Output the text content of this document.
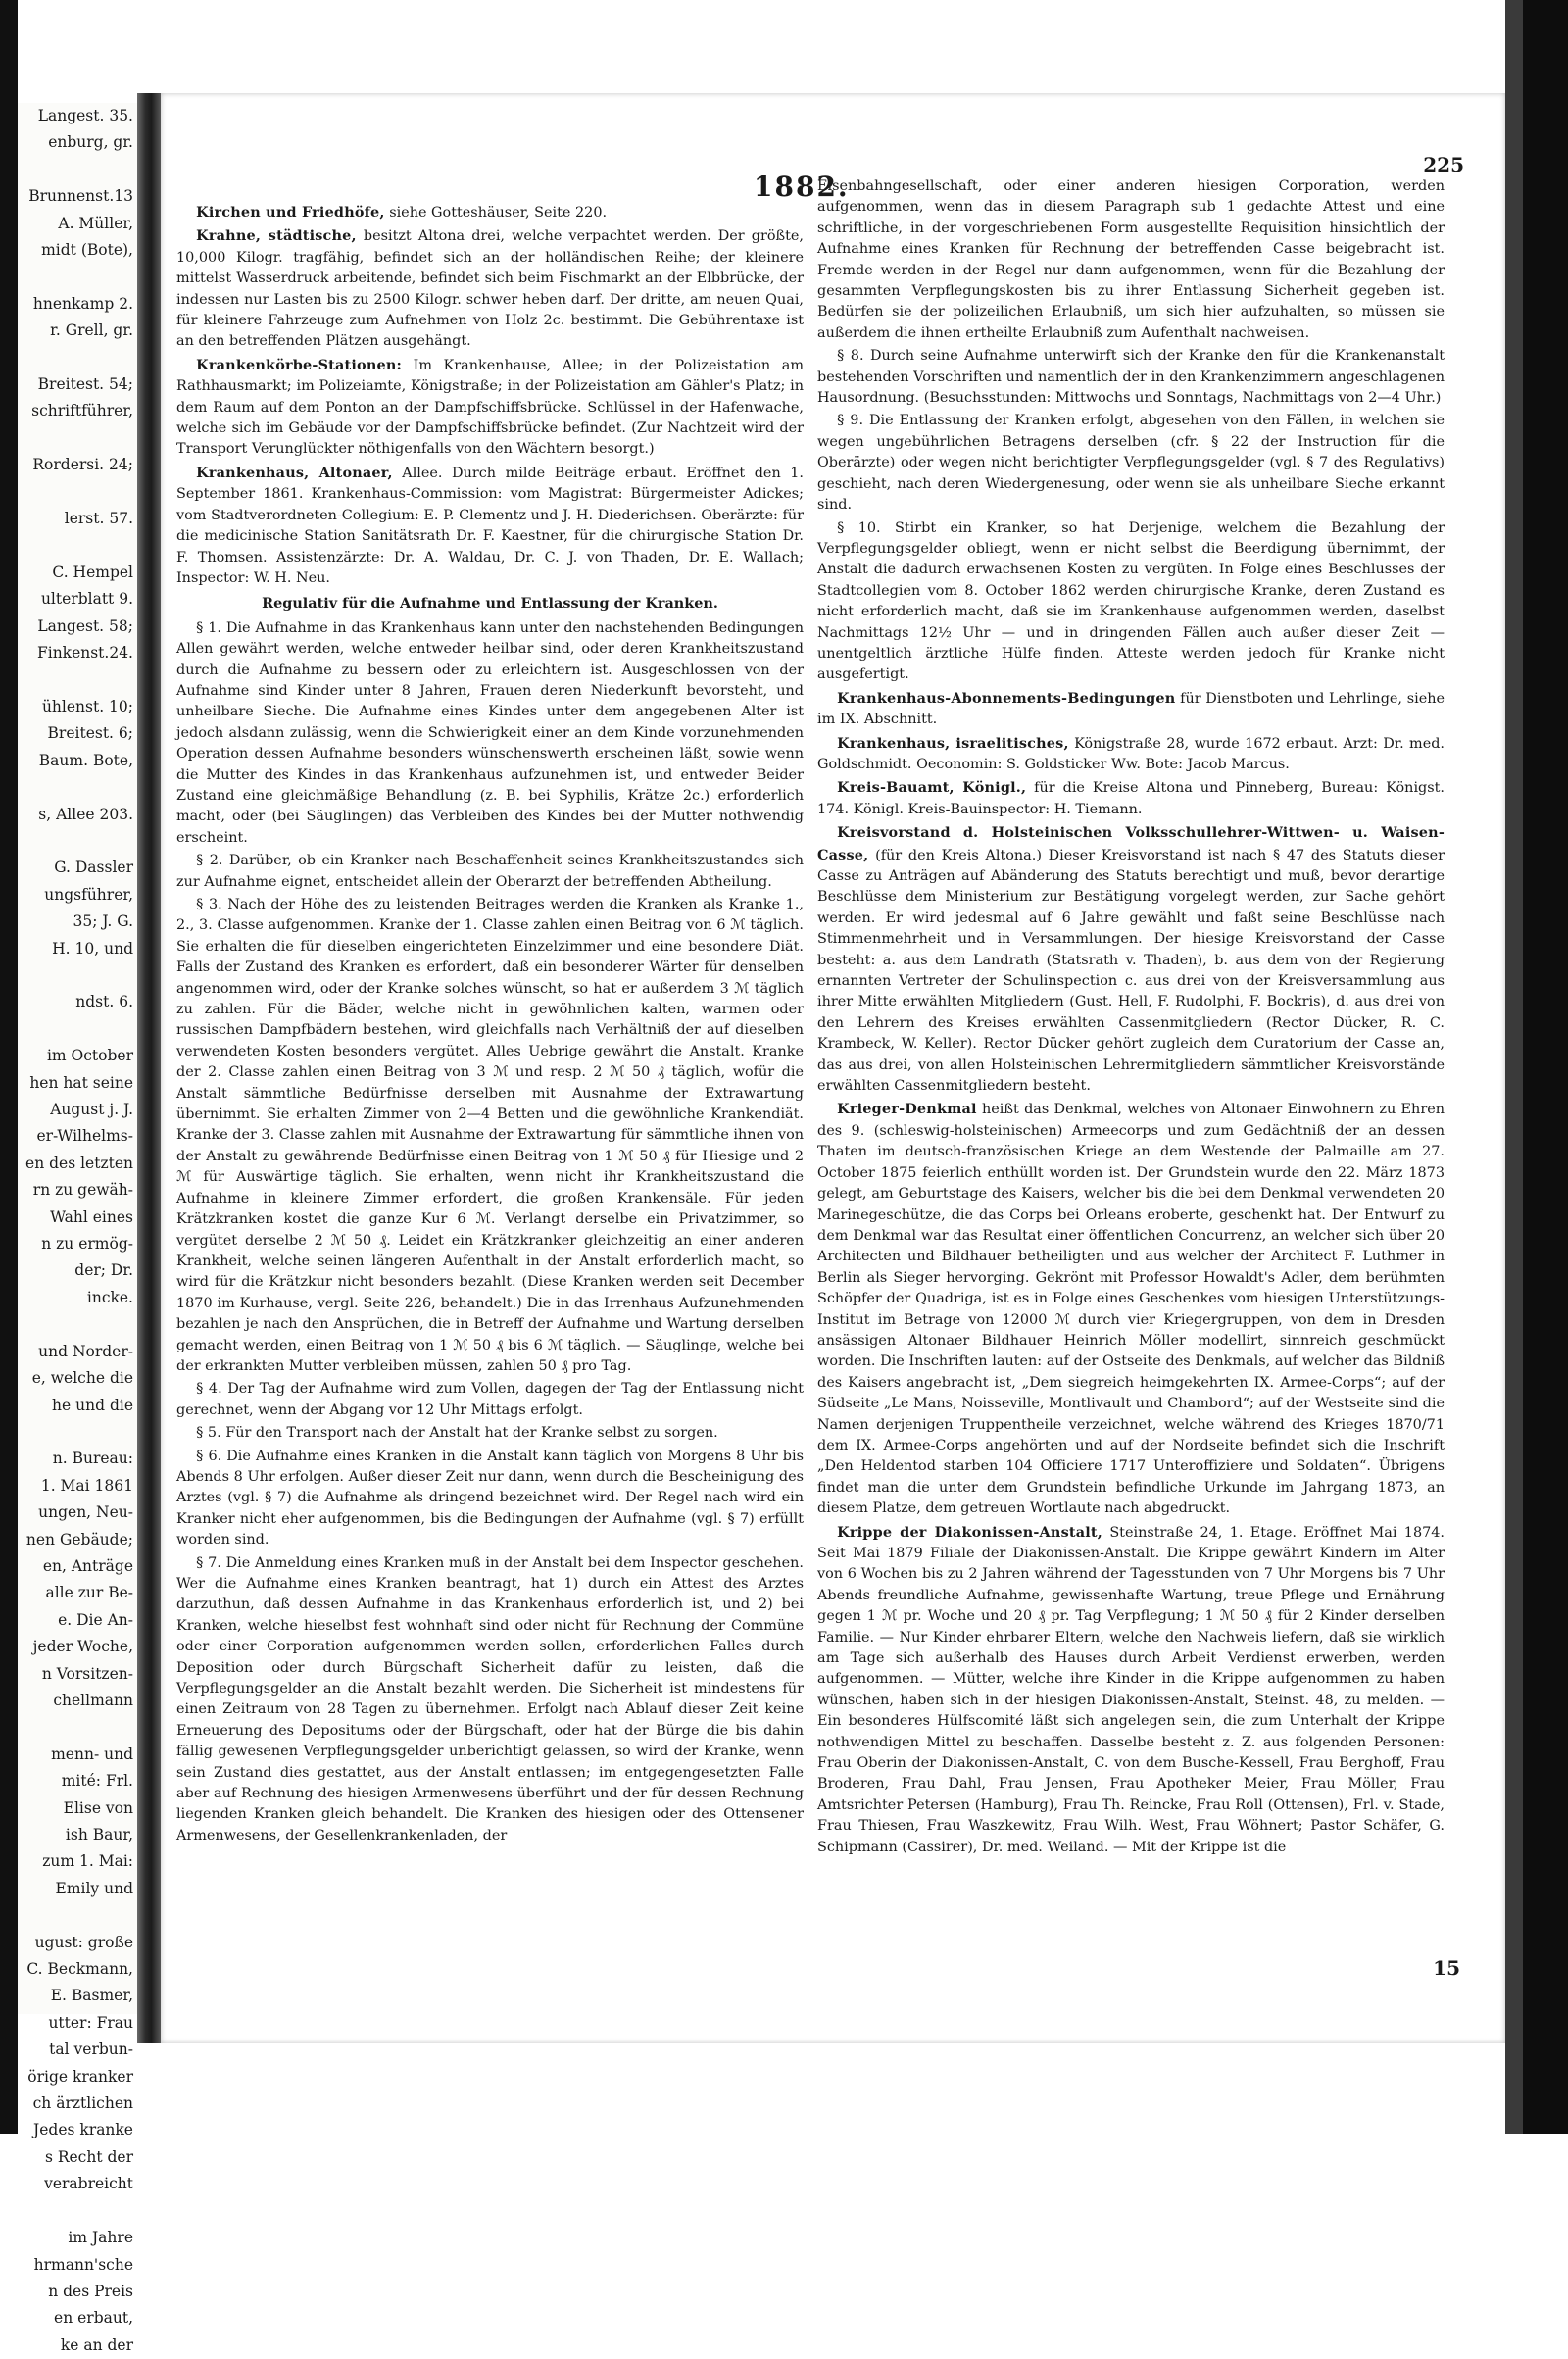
Langest. 35.
enburg, gr.

Brunnenst.13
A. Müller,
midt (Bote),

hnenkamp 2.
r. Grell, gr.

Breitest. 54;
schriftführer,

Rordersi. 24;

lerst. 57.

C. Hempel
ulterblatt 9.
Langest. 58;
Finkenst.24.

ühlenst. 10;
Breitest. 6;
Baum. Bote,

s, Allee 203.

G. Dassler
ungsführer,
35; J. G.
H. 10, und

ndst. 6.

im October
hen hat seine
August j. J.
er-Wilhelms-
en des letzten
rn zu gewäh-
Wahl eines
n zu ermög-
der; Dr.
incke.

und Norder-
e, welche die
he und die

n. Bureau:
1. Mai 1861
ungen, Neu-
nen Gebäude;
en, Anträge
alle zur Be-
e. Die An-
jeder Woche,
n Vorsitzen-
chellmann

menn- und
mité: Frl.
Elise von
ish Baur,
zum 1. Mai:
Emily und

ugust: große
C. Beckmann,
E. Basmer,
utter: Frau
tal verbun-
örige kranker
ch ärztlichen
Jedes kranke
s Recht der
verabreicht

im Jahre
hrmann'sche
n des Preis
en erbaut,
ke an der
1882.
225

Kirchen und Friedhöfe, siehe Gotteshäuser, Seite 220.

Krahne, städtische, besitzt Altona drei, welche verpachtet werden. Der größte, 10,000 Kilogr. tragfähig, befindet sich an der holländischen Reihe; der kleinere mittelst Wasserdruck arbeitende, befindet sich beim Fischmarkt an der Elbbrücke, der indessen nur Lasten bis zu 2500 Kilogr. schwer heben darf. Der dritte, am neuen Quai, für kleinere Fahrzeuge zum Aufnehmen von Holz 2c. bestimmt. Die Gebührentaxe ist an den betreffenden Plätzen ausgehängt.

Krankenkörbe-Stationen: Im Krankenhause, Allee; in der Polizeistation am Rathhausmarkt; im Polizeiamte, Königstraße; in der Polizeistation am Gähler's Platz; in dem Raum auf dem Ponton an der Dampfschiffsbrücke. Schlüssel in der Hafenwache, welche sich im Gebäude vor der Dampfschiffsbrücke befindet. (Zur Nachtzeit wird der Transport Verunglückter nöthigenfalls von den Wächtern besorgt.)

Krankenhaus, Altonaer, Allee. Durch milde Beiträge erbaut. Eröffnet den 1. September 1861. Krankenhaus-Commission: vom Magistrat: Bürgermeister Adickes; vom Stadtverordneten-Collegium: E. P. Clementz und J. H. Diederichsen. Oberärzte: für die medicinische Station Sanitätsrath Dr. F. Kaestner, für die chirurgische Station Dr. F. Thomsen. Assistenzärzte: Dr. A. Waldau, Dr. C. J. von Thaden, Dr. E. Wallach; Inspector: W. H. Neu.

Regulativ für die Aufnahme und Entlassung der Kranken.

§ 1. Die Aufnahme in das Krankenhaus kann unter den nachstehenden Bedingungen Allen gewährt werden, welche entweder heilbar sind, oder deren Krankheitszustand durch die Aufnahme zu bessern oder zu erleichtern ist. Ausgeschlossen von der Aufnahme sind Kinder unter 8 Jahren, Frauen deren Niederkunft bevorsteht, und unheilbare Sieche. Die Aufnahme eines Kindes unter dem angegebenen Alter ist jedoch alsdann zulässig, wenn die Schwierigkeit einer an dem Kinde vorzunehmenden Operation dessen Aufnahme besonders wünschenswerth erscheinen läßt, sowie wenn die Mutter des Kindes in das Krankenhaus aufzunehmen ist, und entweder Beider Zustand eine gleichmäßige Behandlung (z. B. bei Syphilis, Krätze 2c.) erforderlich macht, oder (bei Säuglingen) das Verbleiben des Kindes bei der Mutter nothwendig erscheint.

§ 2. Darüber, ob ein Kranker nach Beschaffenheit seines Krankheitszustandes sich zur Aufnahme eignet, entscheidet allein der Oberarzt der betreffenden Abtheilung.

§ 3. Nach der Höhe des zu leistenden Beitrages werden die Kranken als Kranke 1., 2., 3. Classe aufgenommen. Kranke der 1. Classe zahlen einen Beitrag von 6 ℳ täglich. Sie erhalten die für dieselben eingerichteten Einzelzimmer und eine besondere Diät. Falls der Zustand des Kranken es erfordert, daß ein besonderer Wärter für denselben angenommen wird, oder der Kranke solches wünscht, so hat er außerdem 3 ℳ täglich zu zahlen. Für die Bäder, welche nicht in gewöhnlichen kalten, warmen oder russischen Dampfbädern bestehen, wird gleichfalls nach Verhältniß der auf dieselben verwendeten Kosten besonders vergütet. Alles Uebrige gewährt die Anstalt. Kranke der 2. Classe zahlen einen Beitrag von 3 ℳ und resp. 2 ℳ 50 ₰ täglich, wofür die Anstalt sämmtliche Bedürfnisse derselben mit Ausnahme der Extrawartung übernimmt. Sie erhalten Zimmer von 2—4 Betten und die gewöhnliche Krankendiät. Kranke der 3. Classe zahlen mit Ausnahme der Extrawartung für sämmtliche ihnen von der Anstalt zu gewährende Bedürfnisse einen Beitrag von 1 ℳ 50 ₰ für Hiesige und 2 ℳ für Auswärtige täglich. Sie erhalten, wenn nicht ihr Krankheitszustand die Aufnahme in kleinere Zimmer erfordert, die großen Krankensäle. Für jeden Krätzkranken kostet die ganze Kur 6 ℳ. Verlangt derselbe ein Privatzimmer, so vergütet derselbe 2 ℳ 50 ₰. Leidet ein Krätzkranker gleichzeitig an einer anderen Krankheit, welche seinen längeren Aufenthalt in der Anstalt erforderlich macht, so wird für die Krätzkur nicht besonders bezahlt. (Diese Kranken werden seit December 1870 im Kurhause, vergl. Seite 226, behandelt.) Die in das Irrenhaus Aufzunehmenden bezahlen je nach den Ansprüchen, die in Betreff der Aufnahme und Wartung derselben gemacht werden, einen Beitrag von 1 ℳ 50 ₰ bis 6 ℳ täglich. — Säuglinge, welche bei der erkrankten Mutter verbleiben müssen, zahlen 50 ₰ pro Tag.

§ 4. Der Tag der Aufnahme wird zum Vollen, dagegen der Tag der Entlassung nicht gerechnet, wenn der Abgang vor 12 Uhr Mittags erfolgt.

§ 5. Für den Transport nach der Anstalt hat der Kranke selbst zu sorgen.

§ 6. Die Aufnahme eines Kranken in die Anstalt kann täglich von Morgens 8 Uhr bis Abends 8 Uhr erfolgen. Außer dieser Zeit nur dann, wenn durch die Bescheinigung des Arztes (vgl. § 7) die Aufnahme als dringend bezeichnet wird. Der Regel nach wird ein Kranker nicht eher aufgenommen, bis die Bedingungen der Aufnahme (vgl. § 7) erfüllt worden sind.

§ 7. Die Anmeldung eines Kranken muß in der Anstalt bei dem Inspector geschehen. Wer die Aufnahme eines Kranken beantragt, hat 1) durch ein Attest des Arztes darzuthun, daß dessen Aufnahme in das Krankenhaus erforderlich ist, und 2) bei Kranken, welche hieselbst fest wohnhaft sind oder nicht für Rechnung der Commüne oder einer Corporation aufgenommen werden sollen, erforderlichen Falles durch Deposition oder durch Bürgschaft Sicherheit dafür zu leisten, daß die Verpflegungsgelder an die Anstalt bezahlt werden. Die Sicherheit ist mindestens für einen Zeitraum von 28 Tagen zu übernehmen. Erfolgt nach Ablauf dieser Zeit keine Erneuerung des Depositums oder der Bürgschaft, oder hat der Bürge die bis dahin fällig gewesenen Verpflegungsgelder unberichtigt gelassen, so wird der Kranke, wenn sein Zustand dies gestattet, aus der Anstalt entlassen; im entgegengesetzten Falle aber auf Rechnung des hiesigen Armenwesens überführt und der für dessen Rechnung liegenden Kranken gleich behandelt. Die Kranken des hiesigen oder des Ottensener Armenwesens, der Gesellenkrankenladen, der

Eisenbahngesellschaft, oder einer anderen hiesigen Corporation, werden aufgenommen, wenn das in diesem Paragraph sub 1 gedachte Attest und eine schriftliche, in der vorgeschriebenen Form ausgestellte Requisition hinsichtlich der Aufnahme eines Kranken für Rechnung der betreffenden Casse beigebracht ist. Fremde werden in der Regel nur dann aufgenommen, wenn für die Bezahlung der gesammten Verpflegungskosten bis zu ihrer Entlassung Sicherheit gegeben ist. Bedürfen sie der polizeilichen Erlaubniß, um sich hier aufzuhalten, so müssen sie außerdem die ihnen ertheilte Erlaubniß zum Aufenthalt nachweisen.

§ 8. Durch seine Aufnahme unterwirft sich der Kranke den für die Krankenanstalt bestehenden Vorschriften und namentlich der in den Krankenzimmern angeschlagenen Hausordnung. (Besuchsstunden: Mittwochs und Sonntags, Nachmittags von 2—4 Uhr.)

§ 9. Die Entlassung der Kranken erfolgt, abgesehen von den Fällen, in welchen sie wegen ungebührlichen Betragens derselben (cfr. § 22 der Instruction für die Oberärzte) oder wegen nicht berichtigter Verpflegungsgelder (vgl. § 7 des Regulativs) geschieht, nach deren Wiedergenesung, oder wenn sie als unheilbare Sieche erkannt sind.

§ 10. Stirbt ein Kranker, so hat Derjenige, welchem die Bezahlung der Verpflegungsgelder obliegt, wenn er nicht selbst die Beerdigung übernimmt, der Anstalt die dadurch erwachsenen Kosten zu vergüten. In Folge eines Beschlusses der Stadtcollegien vom 8. October 1862 werden chirurgische Kranke, deren Zustand es nicht erforderlich macht, daß sie im Krankenhause aufgenommen werden, daselbst Nachmittags 12½ Uhr — und in dringenden Fällen auch außer dieser Zeit — unentgeltlich ärztliche Hülfe finden. Atteste werden jedoch für Kranke nicht ausgefertigt.

Krankenhaus-Abonnements-Bedingungen für Dienstboten und Lehrlinge, siehe im IX. Abschnitt.

Krankenhaus, israelitisches, Königstraße 28, wurde 1672 erbaut. Arzt: Dr. med. Goldschmidt. Oeconomin: S. Goldsticker Ww. Bote: Jacob Marcus.

Kreis-Bauamt, Königl., für die Kreise Altona und Pinneberg, Bureau: Königst. 174. Königl. Kreis-Bauinspector: H. Tiemann.

Kreisvorstand d. Holsteinischen Volksschullehrer-Wittwen- u. Waisen-Casse, (für den Kreis Altona.) Dieser Kreisvorstand ist nach § 47 des Statuts dieser Casse zu Anträgen auf Abänderung des Statuts berechtigt und muß, bevor derartige Beschlüsse dem Ministerium zur Bestätigung vorgelegt werden, zur Sache gehört werden. Er wird jedesmal auf 6 Jahre gewählt und faßt seine Beschlüsse nach Stimmenmehrheit und in Versammlungen. Der hiesige Kreisvorstand der Casse besteht: a. aus dem Landrath (Statsrath v. Thaden), b. aus dem von der Regierung ernannten Vertreter der Schulinspection c. aus drei von der Kreisversammlung aus ihrer Mitte erwählten Mitgliedern (Gust. Hell, F. Rudolphi, F. Bockris), d. aus drei von den Lehrern des Kreises erwählten Cassenmitgliedern (Rector Dücker, R. C. Krambeck, W. Keller). Rector Dücker gehört zugleich dem Curatorium der Casse an, das aus drei, von allen Holsteinischen Lehrermitgliedern sämmtlicher Kreisvorstände erwählten Cassenmitgliedern besteht.

Krieger-Denkmal heißt das Denkmal, welches von Altonaer Einwohnern zu Ehren des 9. (schleswig-holsteinischen) Armeecorps und zum Gedächtniß der an dessen Thaten im deutsch-französischen Kriege an dem Westende der Palmaille am 27. October 1875 feierlich enthüllt worden ist. Der Grundstein wurde den 22. März 1873 gelegt, am Geburtstage des Kaisers, welcher bis die bei dem Denkmal verwendeten 20 Marinegeschütze, die das Corps bei Orleans eroberte, geschenkt hat. Der Entwurf zu dem Denkmal war das Resultat einer öffentlichen Concurrenz, an welcher sich über 20 Architecten und Bildhauer betheiligten und aus welcher der Architect F. Luthmer in Berlin als Sieger hervorging. Gekrönt mit Professor Howaldt's Adler, dem berühmten Schöpfer der Quadriga, ist es in Folge eines Geschenkes vom hiesigen Unterstützungs-Institut im Betrage von 12000 ℳ durch vier Kriegergruppen, von dem in Dresden ansässigen Altonaer Bildhauer Heinrich Möller modellirt, sinnreich geschmückt worden. Die Inschriften lauten: auf der Ostseite des Denkmals, auf welcher das Bildniß des Kaisers angebracht ist, „Dem siegreich heimgekehrten IX. Armee-Corps“; auf der Südseite „Le Mans, Noisseville, Montlivault und Chambord“; auf der Westseite sind die Namen derjenigen Truppentheile verzeichnet, welche während des Krieges 1870/71 dem IX. Armee-Corps angehörten und auf der Nordseite befindet sich die Inschrift „Den Heldentod starben 104 Officiere 1717 Unteroffiziere und Soldaten“. Übrigens findet man die unter dem Grundstein befindliche Urkunde im Jahrgang 1873, an diesem Platze, dem getreuen Wortlaute nach abgedruckt.

Krippe der Diakonissen-Anstalt, Steinstraße 24, 1. Etage. Eröffnet Mai 1874. Seit Mai 1879 Filiale der Diakonissen-Anstalt. Die Krippe gewährt Kindern im Alter von 6 Wochen bis zu 2 Jahren während der Tagesstunden von 7 Uhr Morgens bis 7 Uhr Abends freundliche Aufnahme, gewissenhafte Wartung, treue Pflege und Ernährung gegen 1 ℳ pr. Woche und 20 ₰ pr. Tag Verpflegung; 1 ℳ 50 ₰ für 2 Kinder derselben Familie. — Nur Kinder ehrbarer Eltern, welche den Nachweis liefern, daß sie wirklich am Tage sich außerhalb des Hauses durch Arbeit Verdienst erwerben, werden aufgenommen. — Mütter, welche ihre Kinder in die Krippe aufgenommen zu haben wünschen, haben sich in der hiesigen Diakonissen-Anstalt, Steinst. 48, zu melden. — Ein besonderes Hülfscomité läßt sich angelegen sein, die zum Unterhalt der Krippe nothwendigen Mittel zu beschaffen. Dasselbe besteht z. Z. aus folgenden Personen: Frau Oberin der Diakonissen-Anstalt, C. von dem Busche-Kessell, Frau Berghoff, Frau Broderen, Frau Dahl, Frau Jensen, Frau Apotheker Meier, Frau Möller, Frau Amtsrichter Petersen (Hamburg), Frau Th. Reincke, Frau Roll (Ottensen), Frl. v. Stade, Frau Thiesen, Frau Waszkewitz, Frau Wilh. West, Frau Wöhnert; Pastor Schäfer, G. Schipmann (Cassirer), Dr. med. Weiland. — Mit der Krippe ist die

15
